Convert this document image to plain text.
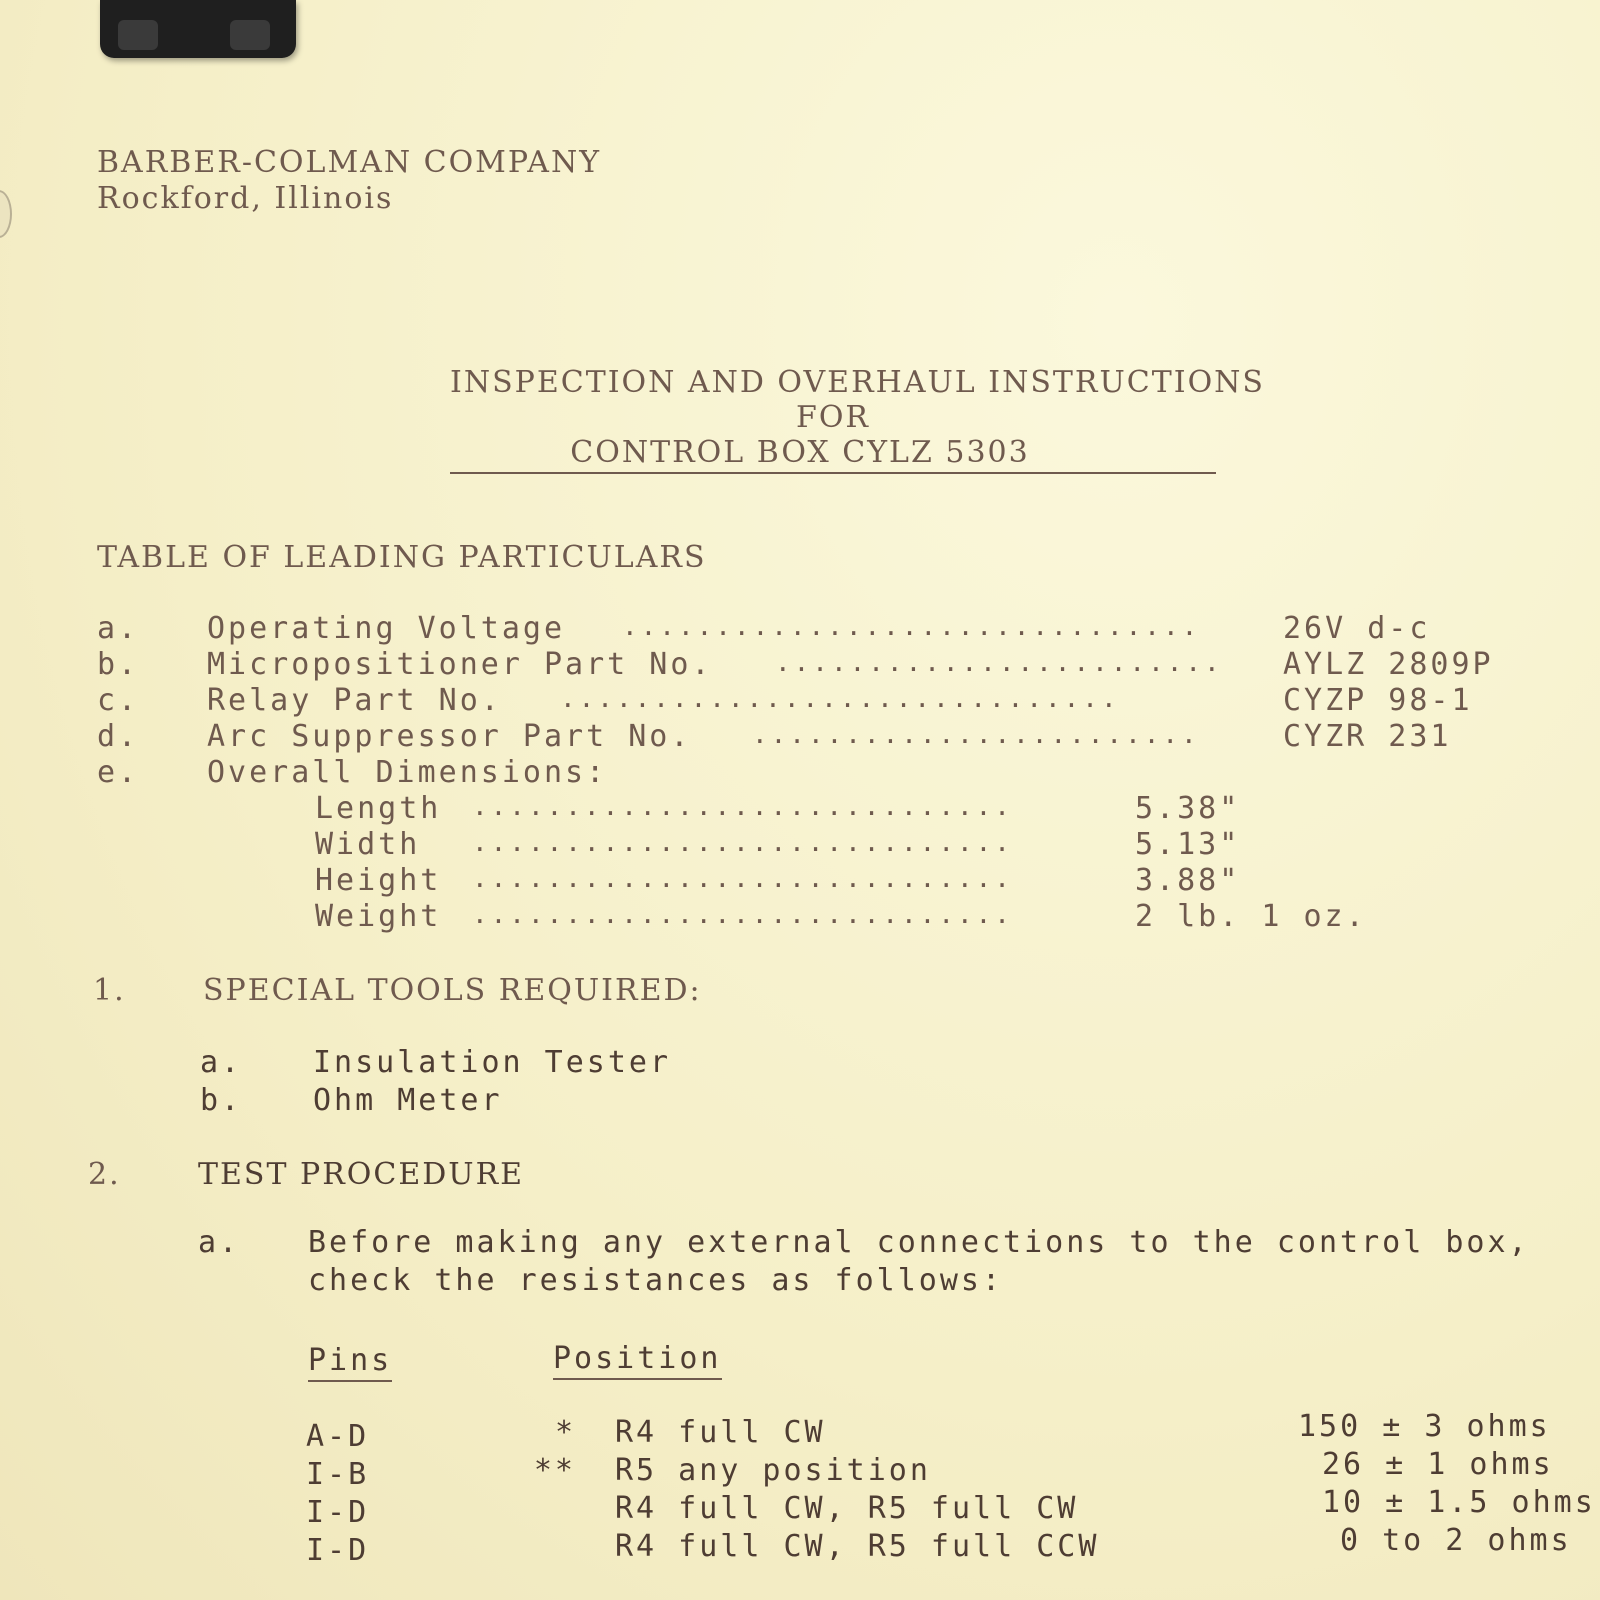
BARBER-COLMAN COMPANY
Rockford, Illinois
INSPECTION AND OVERHAUL INSTRUCTIONS
FOR
CONTROL BOX CYLZ 5303
TABLE OF LEADING PARTICULARS
a. Operating Voltage ...............................	26V d-c
b. Micropositioner Part No. ........................ AYLZ 2809P
c. Relay Part No. ..............................	CYZP 98-1
d. Arc Suppressor Part No. ........................	CYZR 231
e. Overall Dimensions:
Length .............................	5.38"
Width .............................	5.13"
Height .............................	3.88"
Weight .............................	2 lb. 1 oz.
1.	SPECIAL TOOLS REQUIRED:
a. Insulation Tester
b. Ohm Meter
2.	TEST PROCEDURE
a. Before making any external connections to the control box,
check the resistances as follows:
Pins	Position
A-D	* R4 full CW	150 ± 3 ohms
I-B	** R5 any position	26 ± 1 ohms
I-D	R4 full CW, R5 full CW	10 ± 1.5 ohms
I-D	R4 full CW, R5 full CCW	0 to 2 ohms
